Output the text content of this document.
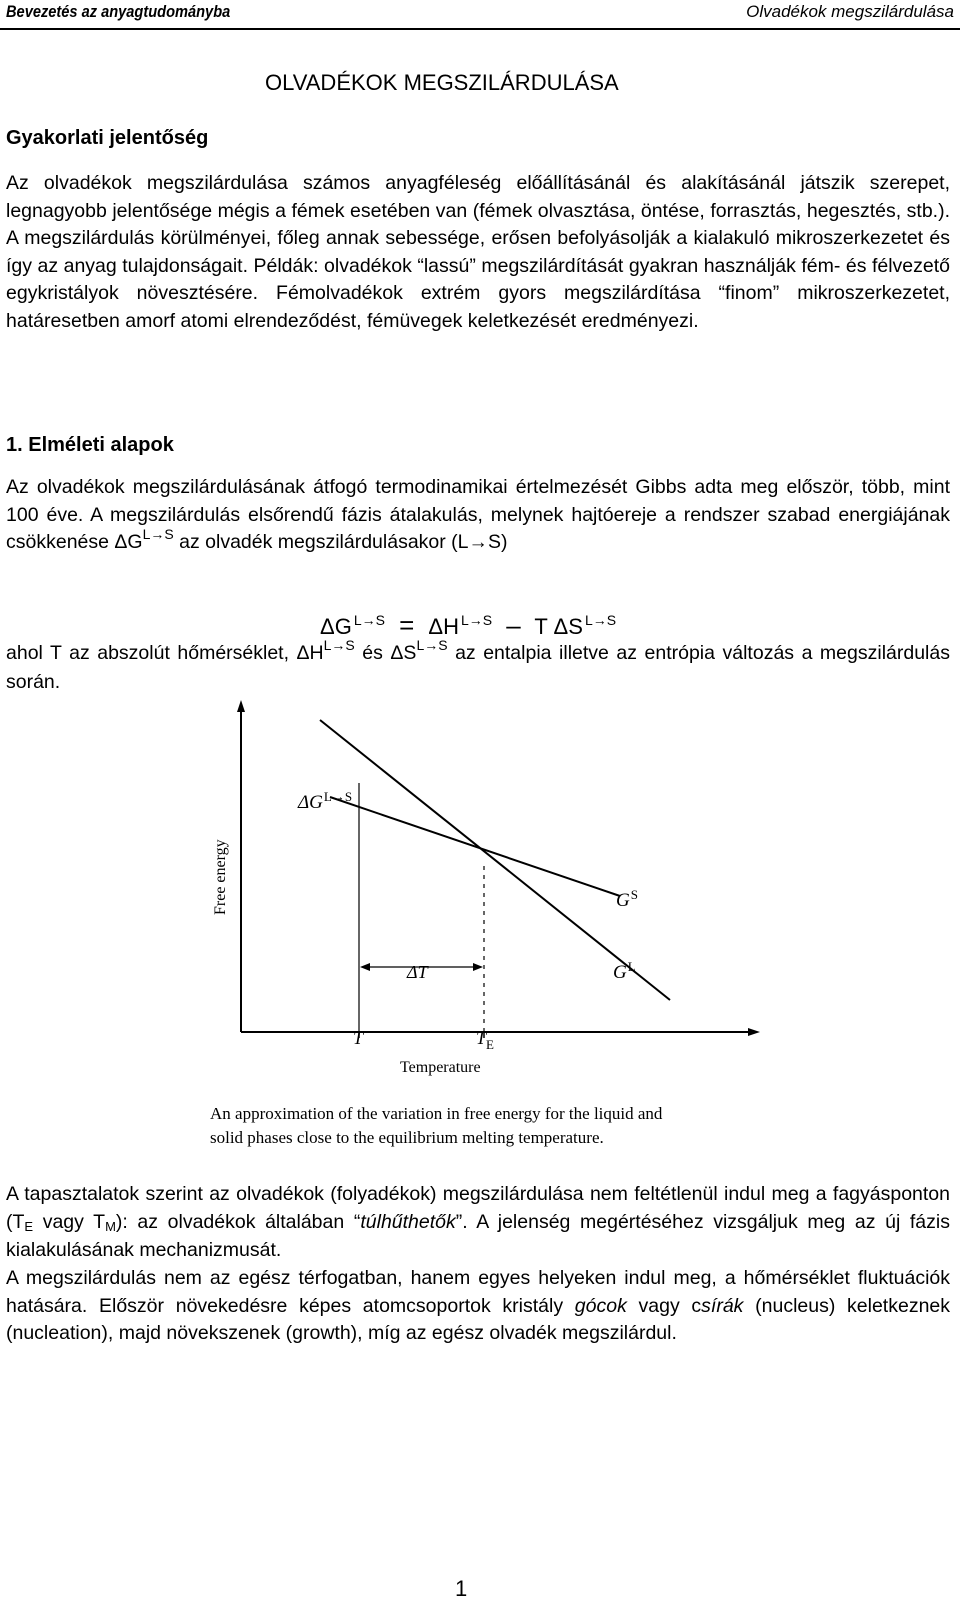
Bevezetés az anyagtudományba	Olvadékok megszilárdulása
OLVADÉKOK MEGSZILÁRDULÁSA
Gyakorlati jelentőség

Az olvadékok megszilárdulása számos anyagféleség előállításánál és alakításánál játszik szerepet, legnagyobb jelentősége mégis a fémek esetében van (fémek olvasztása, öntése, forrasztás, hegesztés, stb.). A megszilárdulás körülményei, főleg annak sebessége, erősen befolyásolják a kialakuló mikroszerkezetet és így az anyag tulajdonságait. Példák: olvadékok “lassú” megszilárdítását gyakran használják fém- és félvezető egykristályok növesztésére. Fémolvadékok extrém gyors megszilárdítása “finom” mikroszerkezetet, határesetben amorf atomi elrendeződést, fémüvegek keletkezését eredményezi.

1. Elméleti alapok

Az olvadékok megszilárdulásának átfogó termodinamikai értelmezését Gibbs adta meg először, több, mint 100 éve. A megszilárdulás elsőrendű fázis átalakulás, melynek hajtóereje a rendszer szabad energiájának csökkenése $\Delta G^{L\to S}$ az olvadék megszilárdulásakor (L→S)

ΔG $^{L\to S}$ = ΔH $^{L\to S}$ – T ΔS $^{L\to S}$

ahol T az abszolút hőmérséklet, $\Delta H^{L\to S}$ és $\Delta S^{L\to S}$ az entalpia illetve az entrópia változás a megszilárdulás során.

$\Delta G^{L\to S}$
$G^S$
$G^L$
ΔT
T	$T_E$
Temperature
Free energy
An approximation of the variation in free energy for the liquid and
solid phases close to the equilibrium melting temperature.

A tapasztalatok szerint az olvadékok (folyadékok) megszilárdulása nem feltétlenül indul meg a fagyásponton (TE vagy TM): az olvadékok általában “túlhűthetők”. A jelenség megértéséhez vizsgáljuk meg az új fázis kialakulásának mechanizmusát.

A megszilárdulás nem az egész térfogatban, hanem egyes helyeken indul meg, a hőmérséklet fluktuációk hatására. Először növekedésre képes atomcsoportok kristály gócok vagy csírák (nucleus) keletkeznek (nucleation), majd növekszenek (growth), míg az egész olvadék megszilárdul.

1
